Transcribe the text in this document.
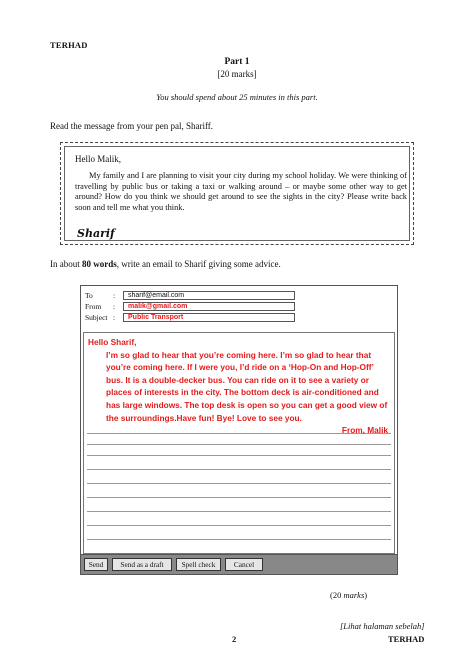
TERHAD
Part 1
[20 marks]
You should spend about 25 minutes in this part.
Read the message from your pen pal, Shariff.
Hello Malik,
My family and I are planning to visit your city during my school holiday. We were thinking of travelling by public bus or taking a taxi or walking around – or maybe some other way to get around? How do you think we should get around to see the sights in the city? Please write back soon and tell me what you think.
Sharif
In about 80 words, write an email to Sharif giving some advice.
To	:	sharif@email.com
From :	malik@gmail.com
Subject :	Public Transport
Hello Sharif,
I’m so glad to hear that you’re coming here. I’m so glad to hear that you’re coming here. If I were you, I’d ride on a ‘Hop-On and Hop-Off’ bus. It is a double-decker bus. You can ride on it to see a variety or places of interests in the city. The bottom deck is air-conditioned and has large windows. The top desk is open so you can get a good view of the surroundings.Have fun! Bye! Love to see you.
From, Malik
Send	Send as a draft	Spell check	Cancel
(20 marks)
[Lihat halaman sebelah]
2	TERHAD
